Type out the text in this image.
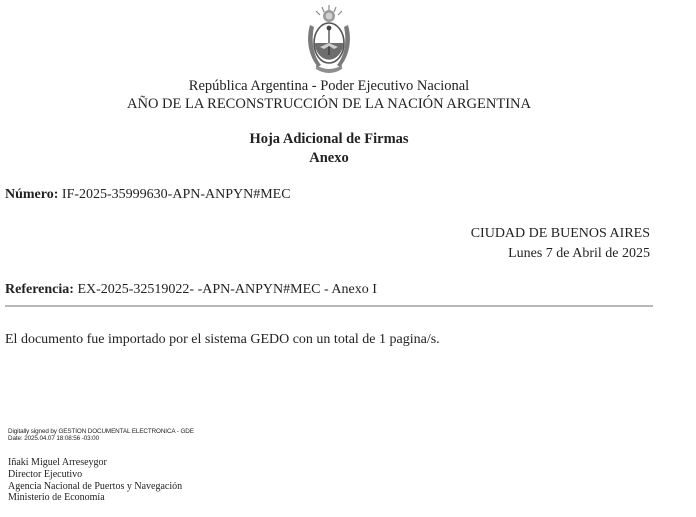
República Argentina - Poder Ejecutivo Nacional
AÑO DE LA RECONSTRUCCIÓN DE LA NACIÓN ARGENTINA
Hoja Adicional de Firmas
Anexo
Número: IF-2025-35999630-APN-ANPYN#MEC
CIUDAD DE BUENOS AIRES
Lunes 7 de Abril de 2025
Referencia: EX-2025-32519022- -APN-ANPYN#MEC - Anexo I
El documento fue importado por el sistema GEDO con un total de 1 pagina/s.
Digitally signed by GESTION DOCUMENTAL ELECTRONICA - GDE
Date: 2025.04.07 18:08:56 -03:00
Iñaki Miguel Arreseygor
Director Ejecutivo
Agencia Nacional de Puertos y Navegación
Ministerio de Economía
